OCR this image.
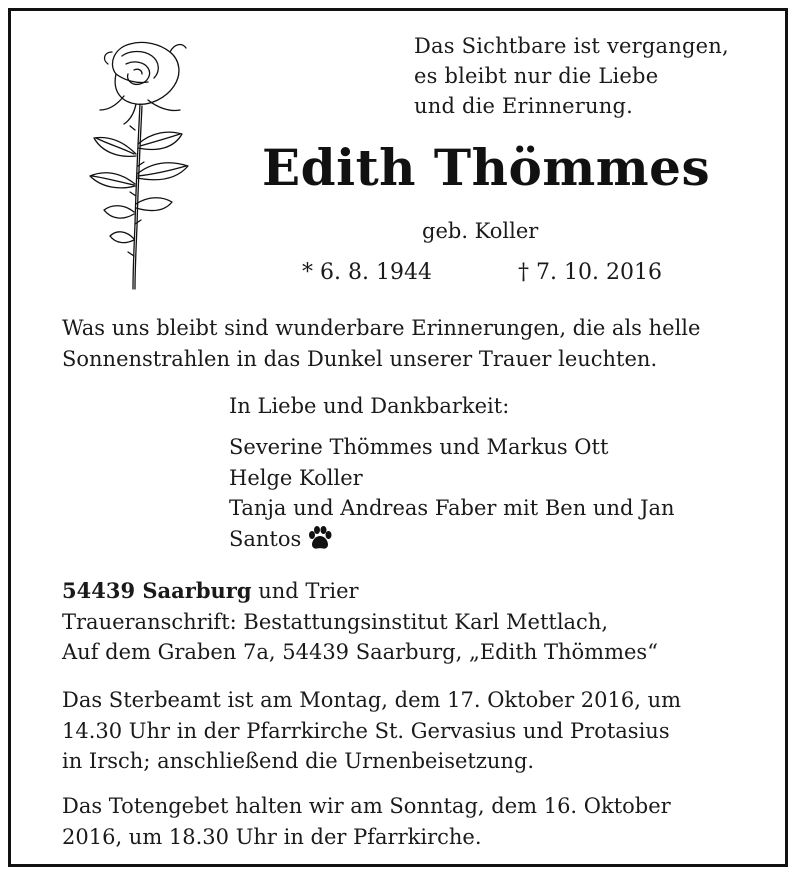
Das Sichtbare ist vergangen,
es bleibt nur die Liebe
und die Erinnerung.
Edith Thömmes
geb. Koller
* 6. 8. 1944	† 7. 10. 2016
Was uns bleibt sind wunderbare Erinnerungen, die als helle
Sonnenstrahlen in das Dunkel unserer Trauer leuchten.
In Liebe und Dankbarkeit:
Severine Thömmes und Markus Ott
Helge Koller
Tanja und Andreas Faber mit Ben und Jan
Santos
54439 Saarburg und Trier
Traueranschrift: Bestattungsinstitut Karl Mettlach,
Auf dem Graben 7a, 54439 Saarburg, „Edith Thömmes“
Das Sterbeamt ist am Montag, dem 17. Oktober 2016, um
14.30 Uhr in der Pfarrkirche St. Gervasius und Protasius
in Irsch; anschließend die Urnenbeisetzung.
Das Totengebet halten wir am Sonntag, dem 16. Oktober
2016, um 18.30 Uhr in der Pfarrkirche.
